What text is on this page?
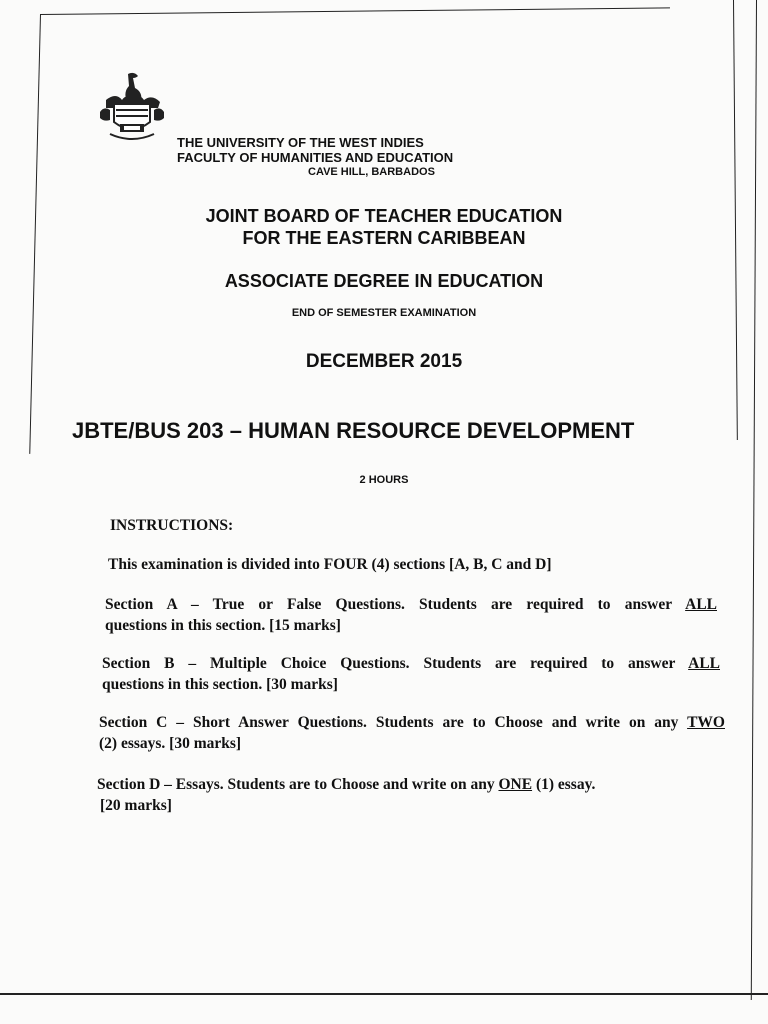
THE UNIVERSITY OF THE WEST INDIES
FACULTY OF HUMANITIES AND EDUCATION
CAVE HILL, BARBADOS
JOINT BOARD OF TEACHER EDUCATION
FOR THE EASTERN CARIBBEAN
ASSOCIATE DEGREE IN EDUCATION
END OF SEMESTER EXAMINATION
DECEMBER 2015
JBTE/BUS 203 – HUMAN RESOURCE DEVELOPMENT
2 HOURS
INSTRUCTIONS:
This examination is divided into FOUR (4) sections [A, B, C and D]
Section A – True or False Questions. Students are required to answer ALL
questions in this section. [15 marks]
Section B – Multiple Choice Questions. Students are required to answer ALL
questions in this section. [30 marks]
Section C – Short Answer Questions. Students are to Choose and write on any TWO
(2) essays. [30 marks]
Section D – Essays. Students are to Choose and write on any ONE (1) essay.
[20 marks]
